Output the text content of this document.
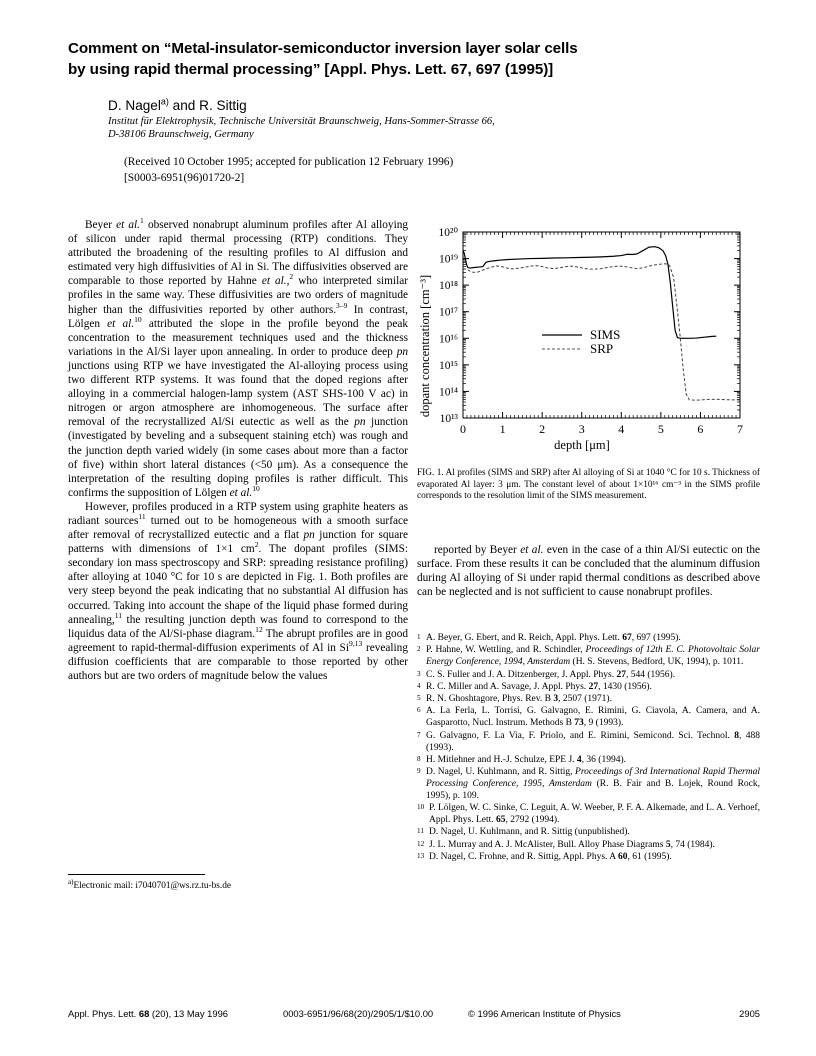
Comment on “Metal-insulator-semiconductor inversion layer solar cells
by using rapid thermal processing” [Appl. Phys. Lett. 67, 697 (1995)]
D. Nagel$^{a)}$ and R. Sittig
Institut für Elektrophysik, Technische Universität Braunschweig, Hans-Sommer-Strasse 66,
D-38106 Braunschweig, Germany
(Received 10 October 1995; accepted for publication 12 February 1996)
[S0003-6951(96)01720-2]

Beyer et al.$^1$ observed nonabrupt aluminum profiles after Al alloying of silicon under rapid thermal processing (RTP) conditions. They attributed the broadening of the resulting profiles to Al diffusion and estimated very high diffusivities of Al in Si. The diffusivities observed are comparable to those reported by Hahne et al.,$^2$ who interpreted similar profiles in the same way. These diffusivities are two orders of magnitude higher than the diffusivities reported by other authors.$^{3-9}$ In contrast, Lölgen et al.$^{10}$ attributed the slope in the profile beyond the peak concentration to the measurement techniques used and the thickness variations in the Al/Si layer upon annealing. In order to produce deep pn junctions using RTP we have investigated the Al-alloying process using two different RTP systems. It was found that the doped regions after alloying in a commercial halogen-lamp system (AST SHS-100 V ac) in nitrogen or argon atmosphere are inhomogeneous. The surface after removal of the recrystallized Al/Si eutectic as well as the pn junction (investigated by beveling and a subsequent staining etch) was rough and the junction depth varied widely (in some cases about more than a factor of five) within short lateral distances (<50 μm). As a consequence the interpretation of the resulting doping profiles is rather difficult. This confirms the supposition of Lölgen et al.$^{10}$

However, profiles produced in a RTP system using graphite heaters as radiant sources$^{11}$ turned out to be homogeneous with a smooth surface after removal of recrystallized eutectic and a flat pn junction for square patterns with dimensions of 1×1 $cm^2$. The dopant profiles (SIMS: secondary ion mass spectroscopy and SRP: spreading resistance profiling) after alloying at 1040 °C for 10 s are depicted in Fig. 1. Both profiles are very steep beyond the peak indicating that no substantial Al diffusion has occurred. Taking into account the shape of the liquid phase formed during annealing,$^{11}$ the resulting junction depth was found to correspond to the liquidus data of the Al/Si-phase diagram.$^{12}$ The abrupt profiles are in good agreement to rapid-thermal-diffusion experiments of Al in Si$^{9,13}$ revealing diffusion coefficients that are comparable to those reported by other authors but are two orders of magnitude below the values

$^{a)}$Electronic mail: i7040701@ws.rz.tu-bs.de
dopant concentration [cm⁻³]
10¹³
10¹⁴
10¹⁵
10¹⁶
10¹⁷
10¹⁸
10¹⁹
10²⁰
0	1	2	3	4	5	6	7
depth [μm]
SIMS
SRP
FIG. 1. Al profiles (SIMS and SRP) after Al alloying of Si at 1040 °C for 10 s. Thickness of evaporated Al layer: 3 μm. The constant level of about 1×10¹⁶ cm⁻³ in the SIMS profile corresponds to the resolution limit of the SIMS measurement.

reported by Beyer et al. even in the case of a thin Al/Si eutectic on the surface. From these results it can be concluded that the aluminum diffusion during Al alloying of Si under rapid thermal conditions as described above can be neglected and is not sufficient to cause nonabrupt profiles.

1 A. Beyer, G. Ebert, and R. Reich, Appl. Phys. Lett. 67, 697 (1995).
2 P. Hahne, W. Wettling, and R. Schindler, Proceedings of 12th E. C. Photovoltaic Solar Energy Conference, 1994, Amsterdam (H. S. Stevens, Bedford, UK, 1994), p. 1011.
3 C. S. Fuller and J. A. Ditzenberger, J. Appl. Phys. 27, 544 (1956).
4 R. C. Miller and A. Savage, J. Appl. Phys. 27, 1430 (1956).
5 R. N. Ghoshtagore, Phys. Rev. B 3, 2507 (1971).
6 A. La Ferla, L. Torrisi, G. Galvagno, E. Rimini, G. Ciavola, A. Camera, and A. Gasparotto, Nucl. Instrum. Methods B 73, 9 (1993).
7 G. Galvagno, F. La Via, F. Priolo, and E. Rimini, Semicond. Sci. Technol. 8, 488 (1993).
8 H. Mitlehner and H.-J. Schulze, EPE J. 4, 36 (1994).
9 D. Nagel, U. Kuhlmann, and R. Sittig, Proceedings of 3rd International Rapid Thermal Processing Conference, 1995, Amsterdam (R. B. Fair and B. Lojek, Round Rock, 1995), p. 109.
10 P. Lölgen, W. C. Sinke, C. Leguit, A. W. Weeber, P. F. A. Alkemade, and L. A. Verhoef, Appl. Phys. Lett. 65, 2792 (1994).
11 D. Nagel, U. Kuhlmann, and R. Sittig (unpublished).
12 J. L. Murray and A. J. McAlister, Bull. Alloy Phase Diagrams 5, 74 (1984).
13 D. Nagel, C. Frohne, and R. Sittig, Appl. Phys. A 60, 61 (1995).
Appl. Phys. Lett. 68 (20), 13 May 1996	0003-6951/96/68(20)/2905/1/$10.00	© 1996 American Institute of Physics	2905
